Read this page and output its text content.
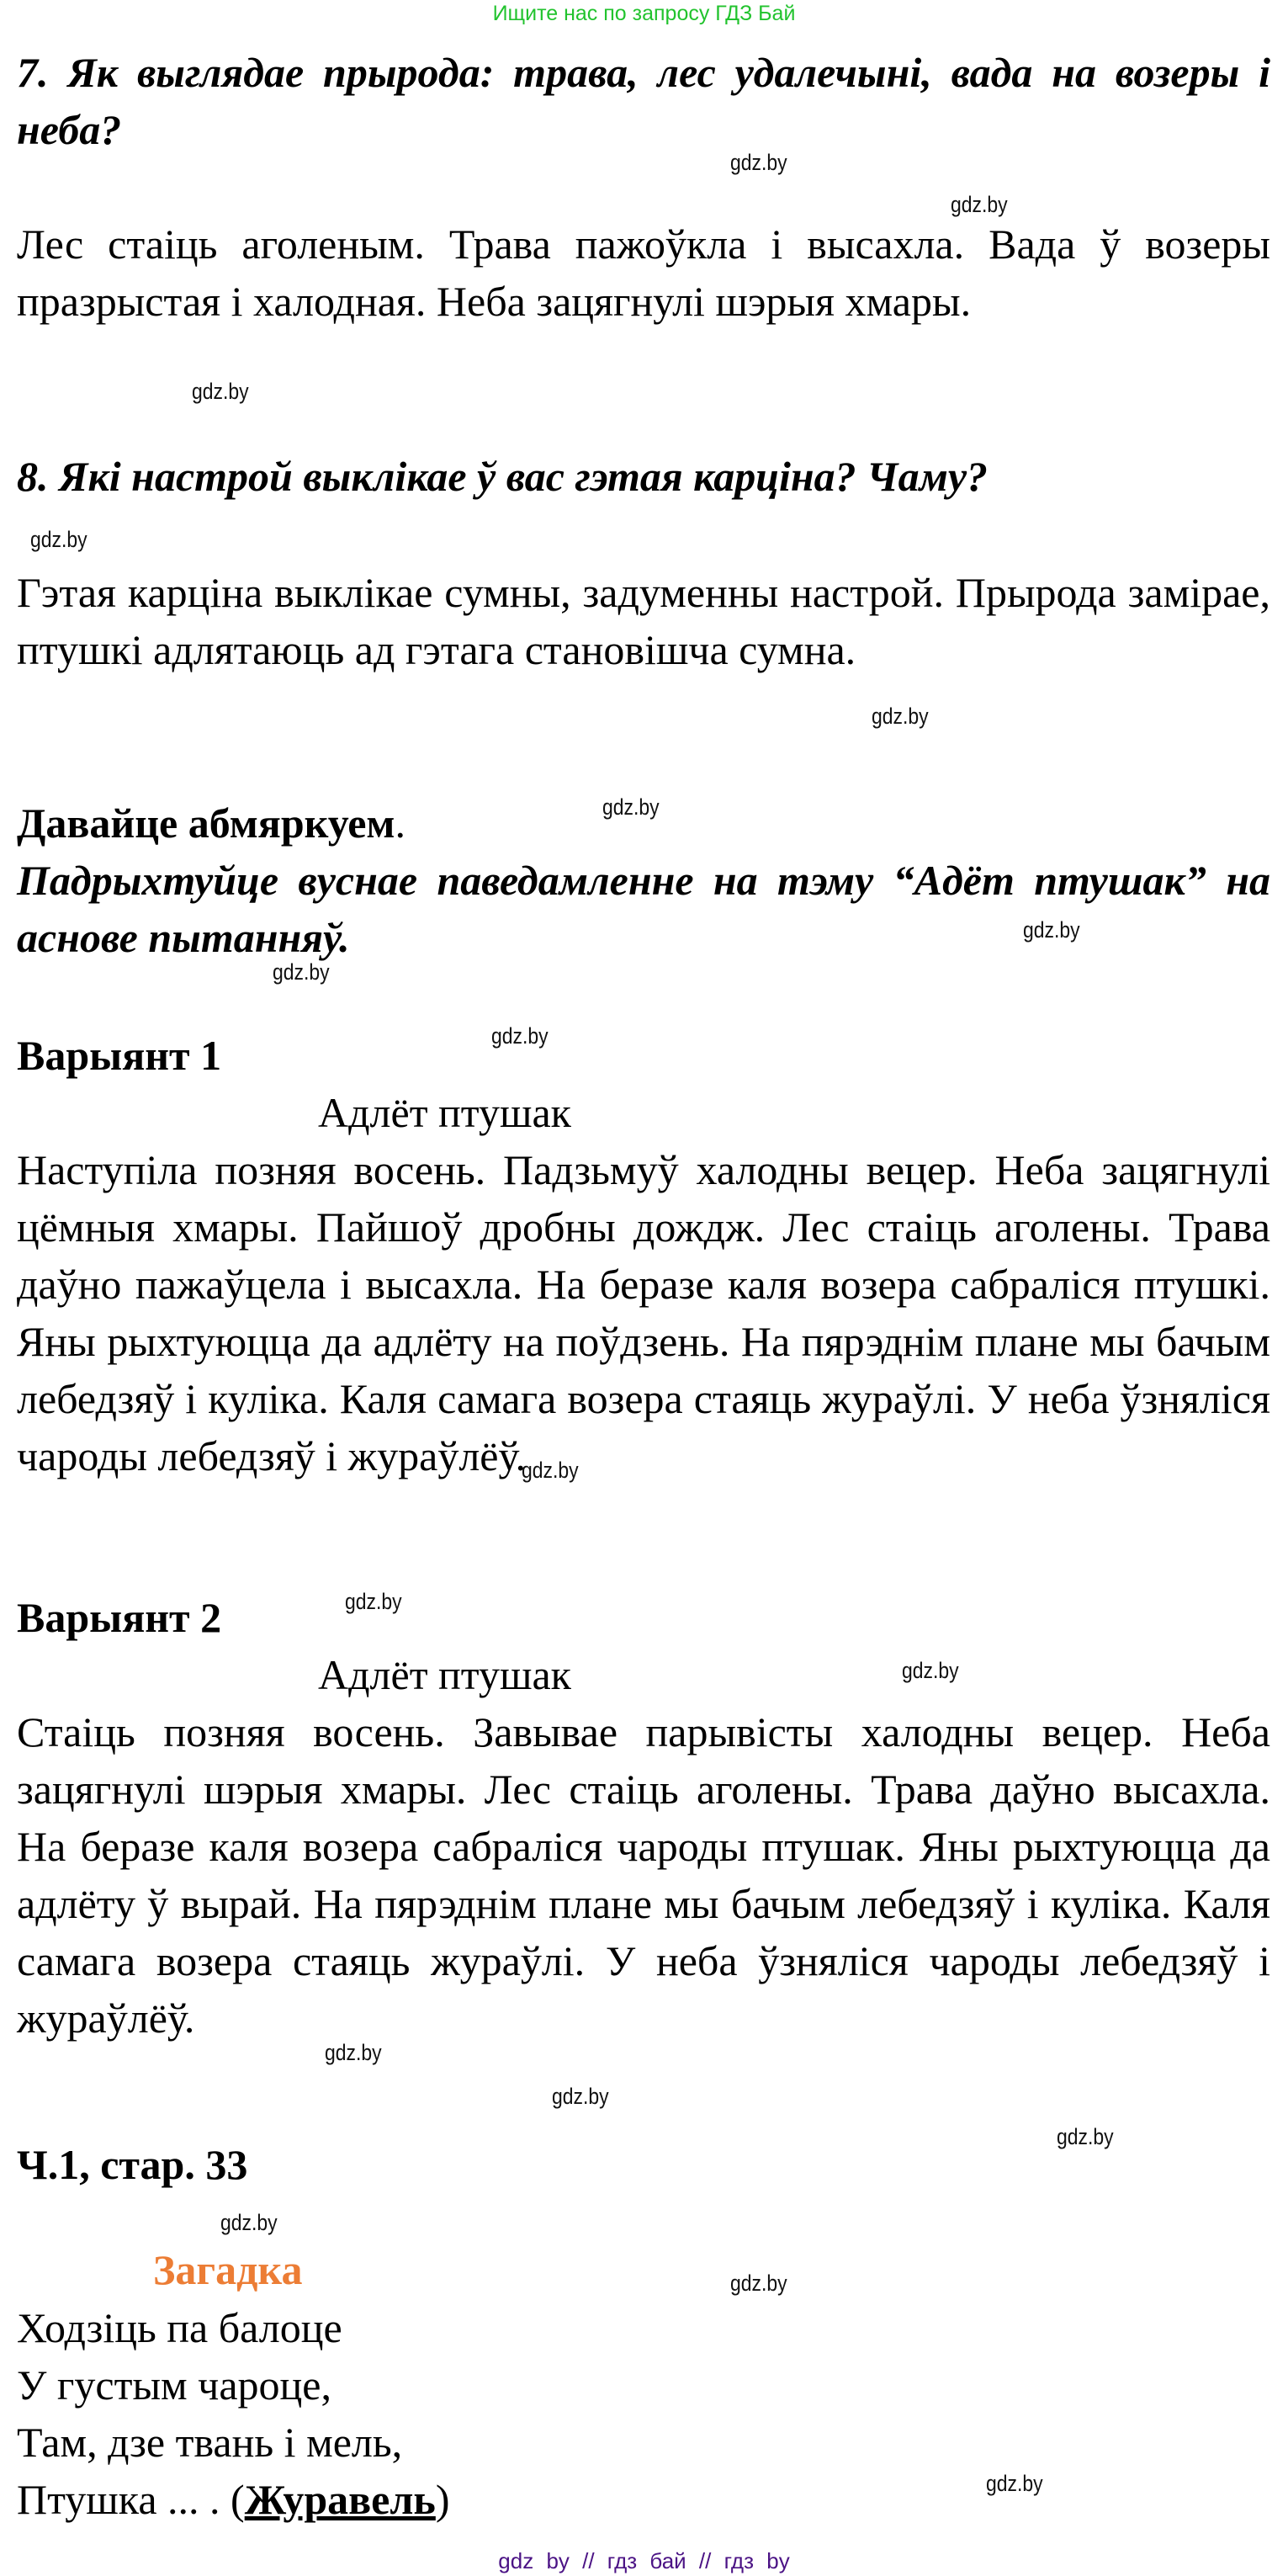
Ищите нас по запросу ГДЗ Бай
7. Як выглядае прырода: трава, лес удалечыні, вада на возеры і неба?
Лес стаіць аголеным. Трава пажоўкла і высахла. Вада ў возеры празрыстая і халодная. Неба зацягнулі шэрыя хмары.
8. Які настрой выклікае ў вас гэтая карціна? Чаму?
Гэтая карціна выклікае сумны, задуменны настрой. Прырода замірае, птушкі адлятаюць ад гэтага становішча сумна.
Давайце абмяркуем.
Падрыхтуйце вуснае паведамленне на тэму “Адёт птушак” на аснове пытанняў.
Варыянт 1
Адлёт птушак
Наступіла позняя восень. Падзьмуў халодны вецер. Неба зацягнулі цёмныя хмары. Пайшоў дробны дождж. Лес стаіць аголены. Трава даўно пажаўцела і высахла. На беразе каля возера сабраліся птушкі. Яны рыхтуюцца да адлёту на поўдзень. На пярэднім плане мы бачым лебедзяў і куліка. Каля самага возера стаяць жураўлі. У неба ўзняліся чароды лебедзяў і жураўлёў.
Варыянт 2
Адлёт птушак
Стаіць позняя восень. Завывае парывісты халодны вецер. Неба зацягнулі шэрыя хмары. Лес стаіць аголены. Трава даўно высахла. На беразе каля возера сабраліся чароды птушак. Яны рыхтуюцца да адлёту ў вырай. На пярэднім плане мы бачым лебедзяў і куліка. Каля самага возера стаяць жураўлі. У неба ўзняліся чароды лебедзяў і жураўлёў.
Ч.1, стар. 33
Загадка
Ходзіць па балоце
У густым чароце,
Там, дзе твань і мель,
Птушка ... . (Журавель)
gdz.by
gdz.by
gdz.by
gdz.by
gdz.by
gdz.by
gdz.by
gdz.by
gdz.by
gdz.by
gdz.by
gdz.by
gdz.by
gdz.by
gdz.by
gdz.by
gdz.by
gdz.by
gdz by // гдз бай // гдз by
